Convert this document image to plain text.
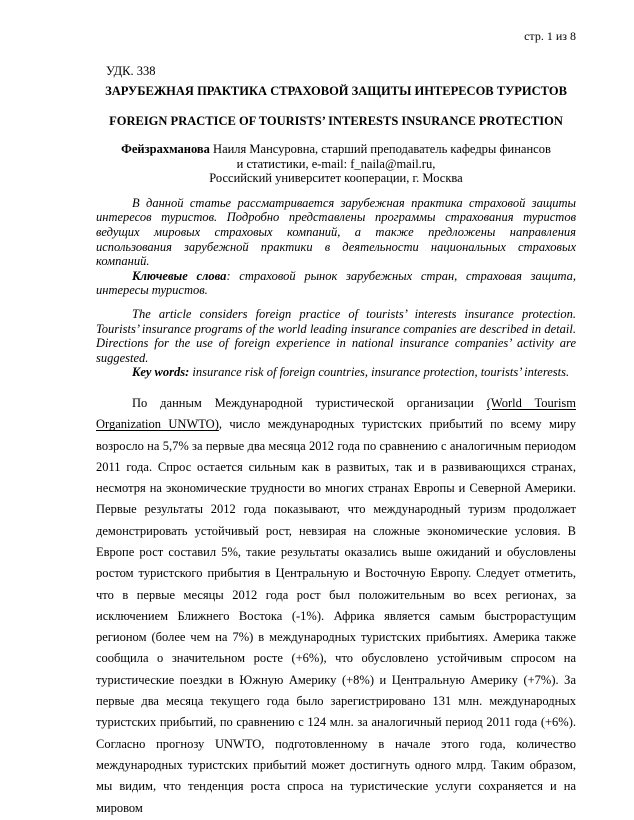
стр. 1 из 8
УДК. 338
ЗАРУБЕЖНАЯ ПРАКТИКА СТРАХОВОЙ ЗАЩИТЫ ИНТЕРЕСОВ ТУРИСТОВ
FOREIGN PRACTICE OF TOURISTS’ INTERESTS INSURANCE PROTECTION
Фейзрахманова Наиля Мансуровна, старший преподаватель кафедры финансов
и статистики, e-mail: f_naila@mail.ru,
Российский университет кооперации, г. Москва

В данной статье рассматривается зарубежная практика страховой защиты интересов туристов. Подробно представлены программы страхования туристов ведущих мировых страховых компаний, а также предложены направления использования зарубежной практики в деятельности национальных страховых компаний.

Ключевые слова: страховой рынок зарубежных стран, страховая защита, интересы туристов.

The article considers foreign practice of tourists’ interests insurance protection. Tourists’ insurance programs of the world leading insurance companies are described in detail. Directions for the use of foreign experience in national insurance companies’ activity are suggested.

Key words: insurance risk of foreign countries, insurance protection, tourists’ interests.

По данным Международной туристической организации (World Tourism Organization UNWTO), число международных туристских прибытий по всему миру возросло на 5,7% за первые два месяца 2012 года по сравнению с аналогичным периодом 2011 года. Спрос остается сильным как в развитых, так и в развивающихся странах, несмотря на экономические трудности во многих странах Европы и Северной Америки. Первые результаты 2012 года показывают, что международный туризм продолжает демонстрировать устойчивый рост, невзирая на сложные экономические условия. В Европе рост составил 5%, такие результаты оказались выше ожиданий и обусловлены ростом туристского прибытия в Центральную и Восточную Европу. Следует отметить, что в первые месяцы 2012 года рост был положительным во всех регионах, за исключением Ближнего Востока (-1%). Африка является самым быстрорастущим регионом (более чем на 7%) в международных туристских прибытиях. Америка также сообщила о значительном росте (+6%), что обусловлено устойчивым спросом на туристические поездки в Южную Америку (+8%) и Центральную Америку (+7%). За первые два месяца текущего года было зарегистрировано 131 млн. международных туристских прибытий, по сравнению с 124 млн. за аналогичный период 2011 года (+6%). Согласно прогнозу UNWTO, подготовленному в начале этого года, количество международных туристских прибытий может достигнуть одного млрд. Таким образом, мы видим, что тенденция роста спроса на туристические услуги сохраняется и на мировом
